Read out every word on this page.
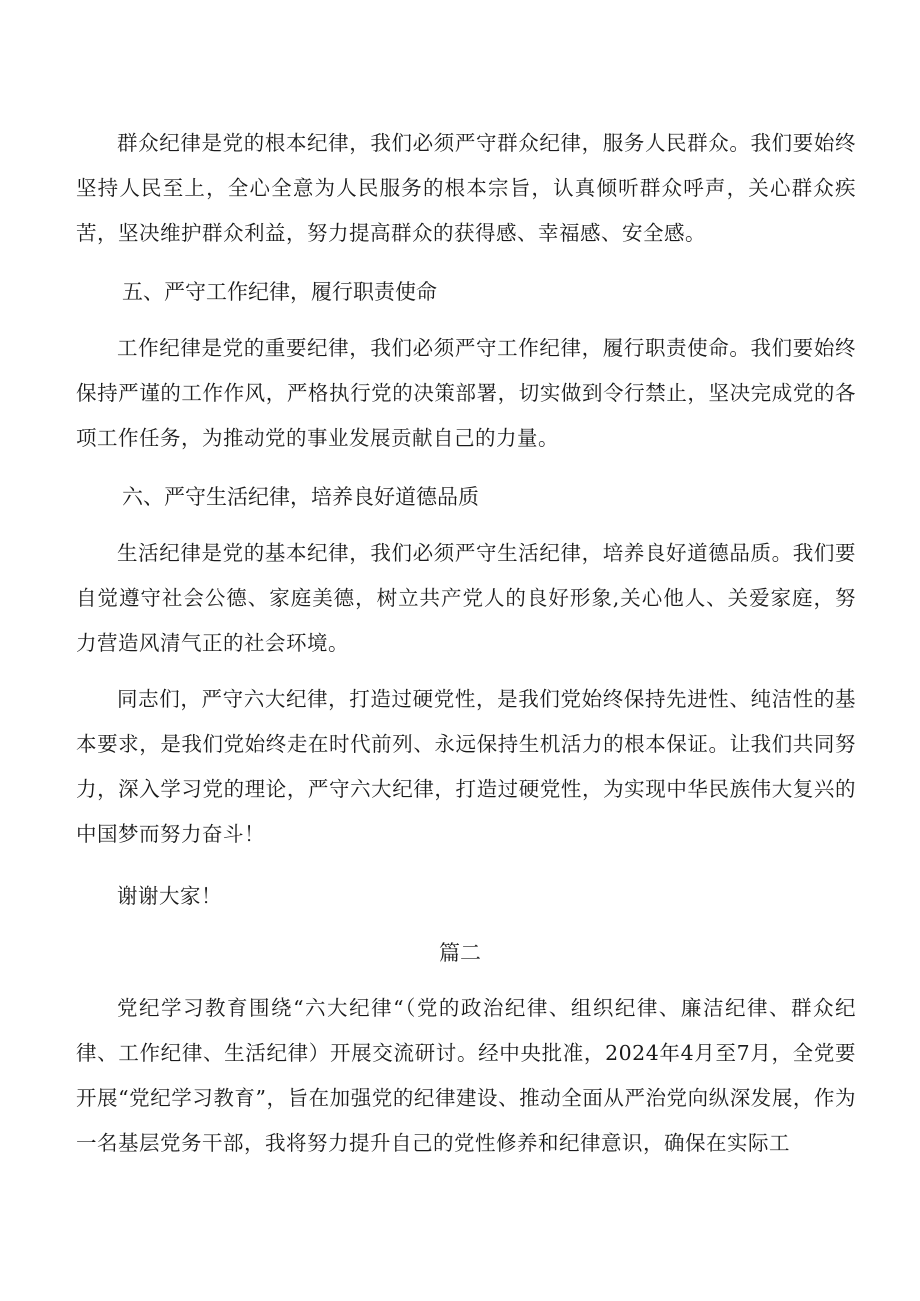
群众纪律是党的根本纪律，我们必须严守群众纪律，服务人民群众。我们要始终坚持人民至上，全心全意为人民服务的根本宗旨，认真倾听群众呼声，关心群众疾苦，坚决维护群众利益，努力提高群众的获得感、幸福感、安全感。

五、严守工作纪律，履行职责使命

工作纪律是党的重要纪律，我们必须严守工作纪律，履行职责使命。我们要始终保持严谨的工作作风，严格执行党的决策部署，切实做到令行禁止，坚决完成党的各项工作任务，为推动党的事业发展贡献自己的力量。

六、严守生活纪律，培养良好道德品质

生活纪律是党的基本纪律，我们必须严守生活纪律，培养良好道德品质。我们要自觉遵守社会公德、家庭美德，树立共产党人的良好形象,关心他人、关爱家庭，努力营造风清气正的社会环境。

同志们，严守六大纪律，打造过硬党性，是我们党始终保持先进性、纯洁性的基本要求，是我们党始终走在时代前列、永远保持生机活力的根本保证。让我们共同努力，深入学习党的理论，严守六大纪律，打造过硬党性，为实现中华民族伟大复兴的中国梦而努力奋斗！

谢谢大家！

篇二

党纪学习教育围绕“六大纪律“（党的政治纪律、组织纪律、廉洁纪律、群众纪律、工作纪律、生活纪律）开展交流研讨。经中央批准，2024年4月至7月，全党要开展“党纪学习教育”，旨在加强党的纪律建设、推动全面从严治党向纵深发展，作为一名基层党务干部，我将努力提升自己的党性修养和纪律意识，确保在实际工
